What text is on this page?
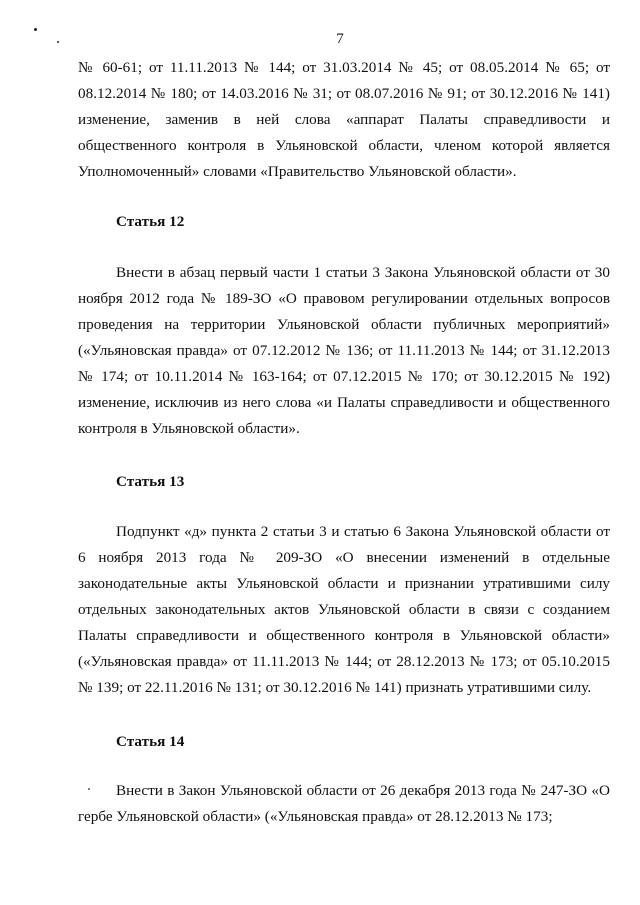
7

№ 60-61; от 11.11.2013 № 144; от 31.03.2014 № 45; от 08.05.2014 № 65; от 08.12.2014 № 180; от 14.03.2016 № 31; от 08.07.2016 № 91; от 30.12.2016 № 141) изменение, заменив в ней слова «аппарат Палаты справедливости и общественного контроля в Ульяновской области, членом которой является Уполномоченный» словами «Правительство Ульяновской области».

Статья 12

Внести в абзац первый части 1 статьи 3 Закона Ульяновской области от 30 ноября 2012 года № 189-ЗО «О правовом регулировании отдельных вопросов проведения на территории Ульяновской области публичных мероприятий» («Ульяновская правда» от 07.12.2012 № 136; от 11.11.2013 № 144; от 31.12.2013 № 174; от 10.11.2014 № 163-164; от 07.12.2015 № 170; от 30.12.2015 № 192) изменение, исключив из него слова «и Палаты справедливости и общественного контроля в Ульяновской области».

Статья 13

Подпункт «д» пункта 2 статьи 3 и статью 6 Закона Ульяновской области от 6 ноября 2013 года № 209-ЗО «О внесении изменений в отдельные законодательные акты Ульяновской области и признании утратившими силу отдельных законодательных актов Ульяновской области в связи с созданием Палаты справедливости и общественного контроля в Ульяновской области» («Ульяновская правда» от 11.11.2013 № 144; от 28.12.2013 № 173; от 05.10.2015 № 139; от 22.11.2016 № 131; от 30.12.2016 № 141) признать утратившими силу.

Статья 14

Внести в Закон Ульяновской области от 26 декабря 2013 года № 247-ЗО «О гербе Ульяновской области» («Ульяновская правда» от 28.12.2013 № 173;
